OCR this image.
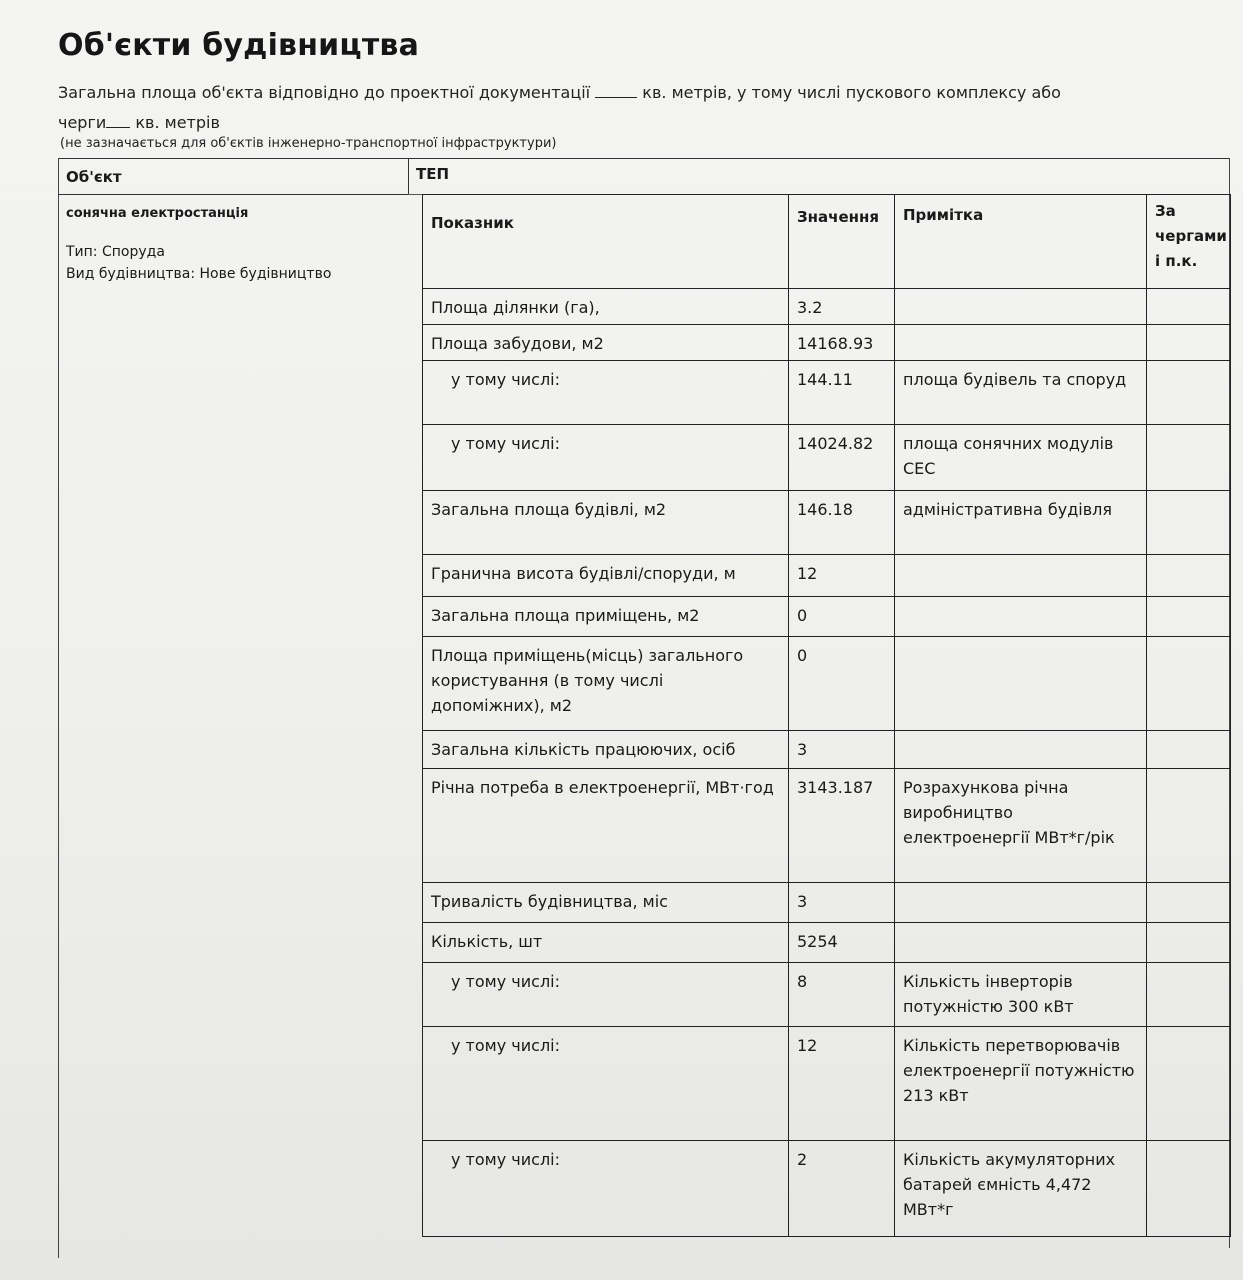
Об'єкти будівництва
Загальна площа об'єкта відповідно до проектної документації	кв. метрів, у тому числі пускового комплексу або
черги кв. метрів
(не зазначається для об'єктів інженерно-транспортної інфраструктури)
Об'єкт	ТЕП
сонячна електростанція
Тип: Споруда
Вид будівництва: Нове будівництво
Показник	Значення	Примітка	За чергами і п.к.
Площа ділянки (га),	3.2		
Площа забудови, м2	14168.93		
у тому числі:	144.11	площа будівель та споруд	
у тому числі:	14024.82	площа сонячних модулів СЕС	
Загальна площа будівлі, м2	146.18	адміністративна будівля	
Гранична висота будівлі/споруди, м	12		
Загальна площа приміщень, м2	0		
Площа приміщень(місць) загального користування (в тому числі допоміжних), м2	0		
Загальна кількість працюючих, осіб	3		
Річна потреба в електроенергії, МВт·год	3143.187	Розрахункова річна виробництво електроенергії МВт*г/рік	
Тривалість будівництва, міс	3		
Кількість, шт	5254		
у тому числі:	8	Кількість інверторів потужністю 300 кВт	
у тому числі:	12	Кількість перетворювачів електроенергії потужністю 213 кВт	
у тому числі:	2	Кількість акумуляторних батарей ємність 4,472 МВт*г	
